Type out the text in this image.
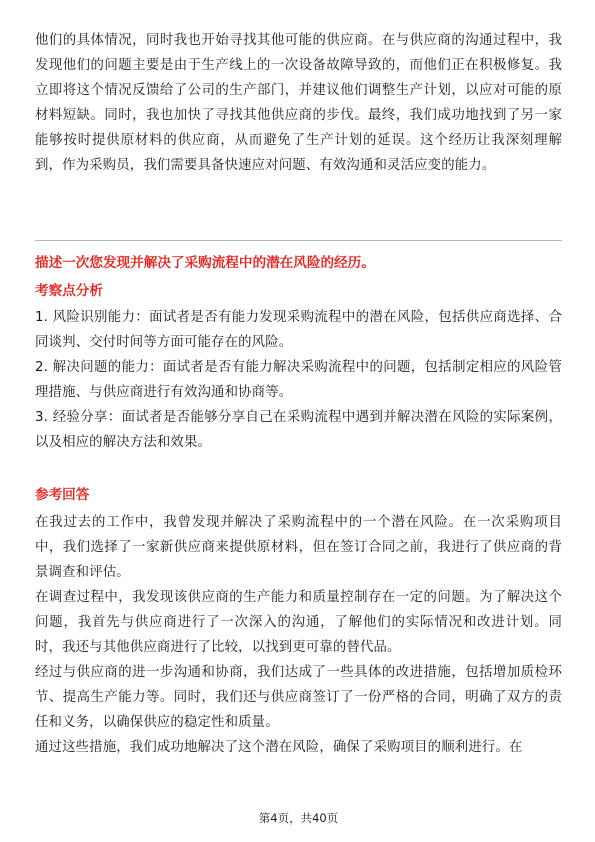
他们的具体情况，同时我也开始寻找其他可能的供应商。在与供应商的沟通过程中，我发现他们的问题主要是由于生产线上的一次设备故障导致的，而他们正在积极修复。我立即将这个情况反馈给了公司的生产部门，并建议他们调整生产计划，以应对可能的原材料短缺。同时，我也加快了寻找其他供应商的步伐。最终，我们成功地找到了另一家能够按时提供原材料的供应商，从而避免了生产计划的延误。这个经历让我深刻理解到，作为采购员，我们需要具备快速应对问题、有效沟通和灵活应变的能力。

描述一次您发现并解决了采购流程中的潜在风险的经历。
考察点分析

1. 风险识别能力：面试者是否有能力发现采购流程中的潜在风险，包括供应商选择、合同谈判、交付时间等方面可能存在的风险。

2. 解决问题的能力：面试者是否有能力解决采购流程中的问题，包括制定相应的风险管理措施、与供应商进行有效沟通和协商等。

3. 经验分享：面试者是否能够分享自己在采购流程中遇到并解决潜在风险的实际案例，以及相应的解决方法和效果。

参考回答

在我过去的工作中，我曾发现并解决了采购流程中的一个潜在风险。在一次采购项目中，我们选择了一家新供应商来提供原材料，但在签订合同之前，我进行了供应商的背景调查和评估。

在调查过程中，我发现该供应商的生产能力和质量控制存在一定的问题。为了解决这个问题，我首先与供应商进行了一次深入的沟通，了解他们的实际情况和改进计划。同时，我还与其他供应商进行了比较，以找到更可靠的替代品。

经过与供应商的进一步沟通和协商，我们达成了一些具体的改进措施，包括增加质检环节、提高生产能力等。同时，我们还与供应商签订了一份严格的合同，明确了双方的责任和义务，以确保供应的稳定性和质量。

通过这些措施，我们成功地解决了这个潜在风险，确保了采购项目的顺利进行。在

第4页，共40页
